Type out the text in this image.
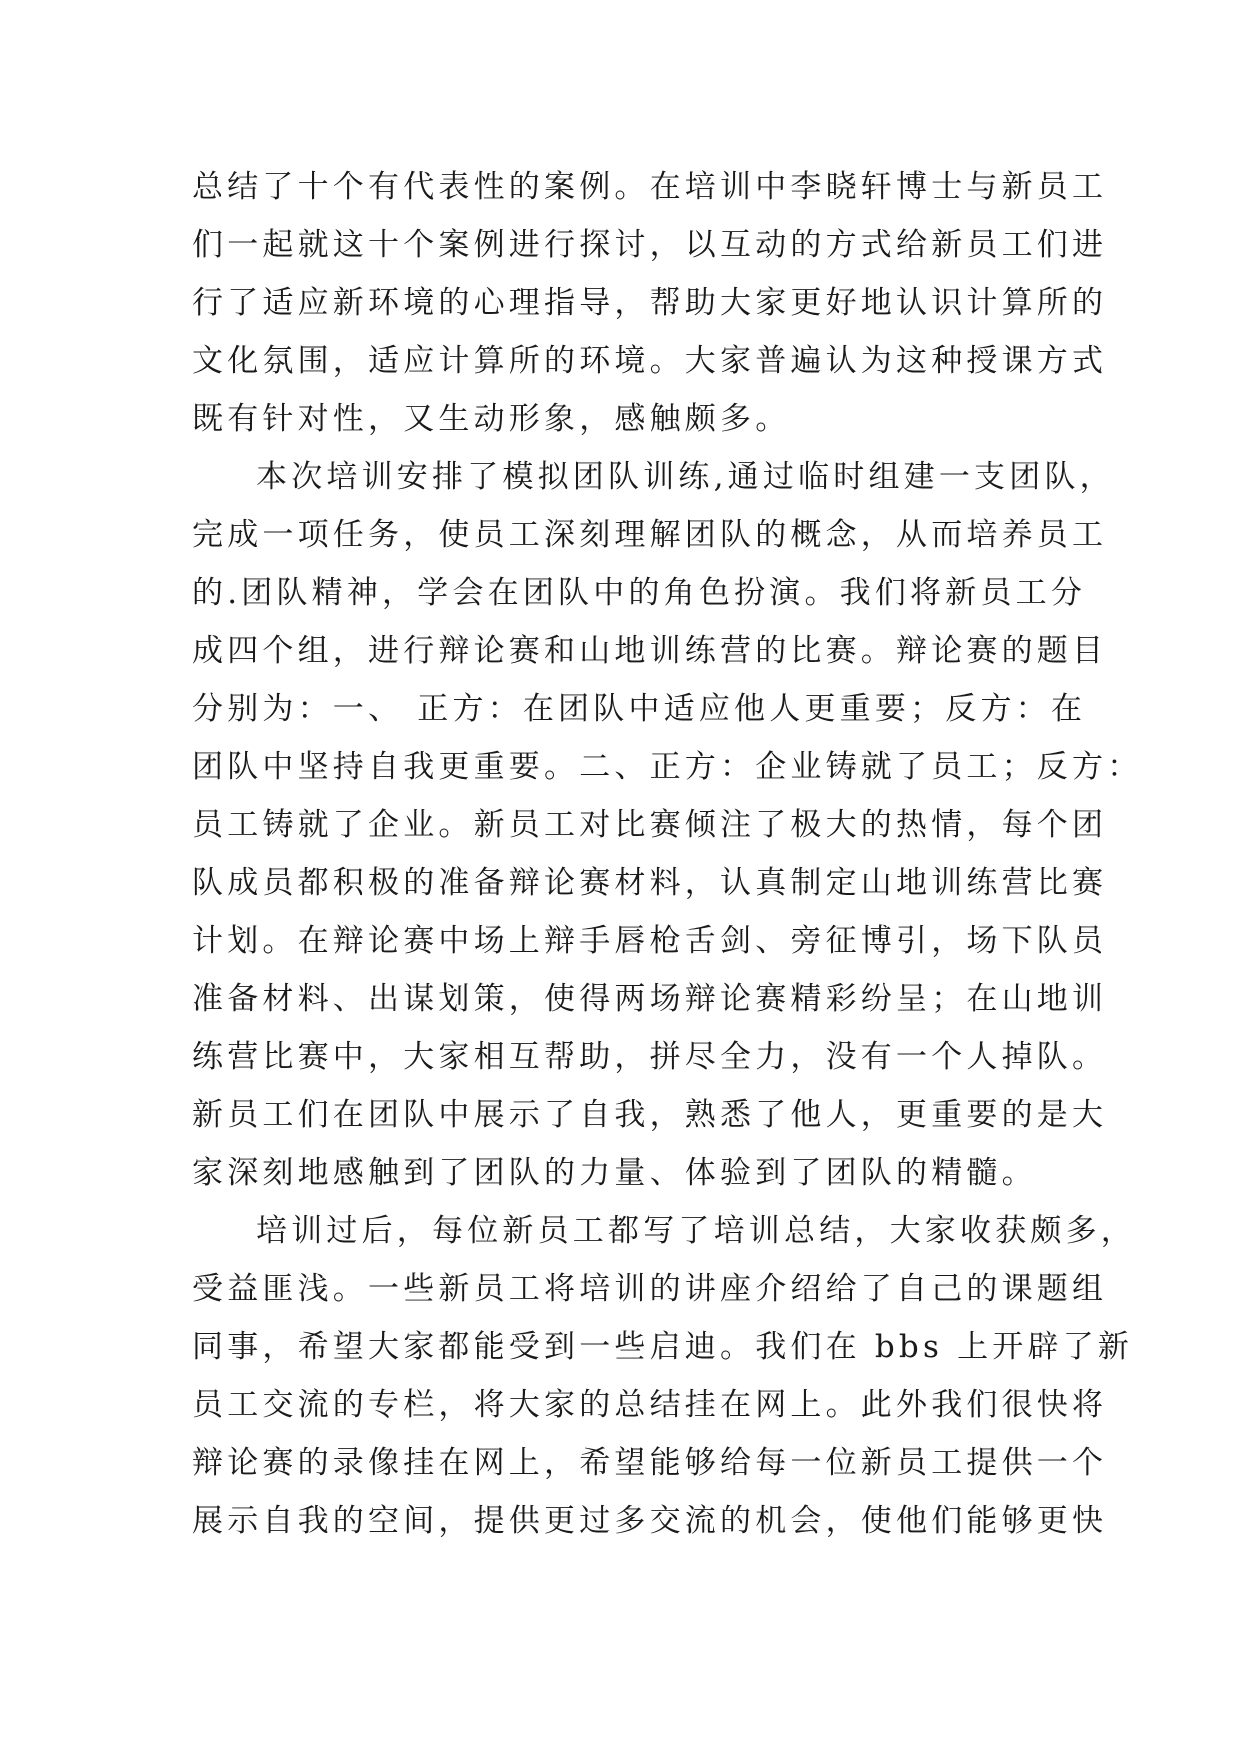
总结了十个有代表性的案例。在培训中李晓轩博士与新员工
们一起就这十个案例进行探讨，以互动的方式给新员工们进
行了适应新环境的心理指导，帮助大家更好地认识计算所的
文化氛围，适应计算所的环境。大家普遍认为这种授课方式
既有针对性，又生动形象，感触颇多。
本次培训安排了模拟团队训练,通过临时组建一支团队，
完成一项任务，使员工深刻理解团队的概念，从而培养员工
的.团队精神，学会在团队中的角色扮演。我们将新员工分
成四个组，进行辩论赛和山地训练营的比赛。辩论赛的题目
分别为：一、 正方：在团队中适应他人更重要；反方：在
团队中坚持自我更重要。二、正方：企业铸就了员工；反方：
员工铸就了企业。新员工对比赛倾注了极大的热情，每个团
队成员都积极的准备辩论赛材料，认真制定山地训练营比赛
计划。在辩论赛中场上辩手唇枪舌剑、旁征博引，场下队员
准备材料、出谋划策，使得两场辩论赛精彩纷呈；在山地训
练营比赛中，大家相互帮助，拼尽全力，没有一个人掉队。
新员工们在团队中展示了自我，熟悉了他人，更重要的是大
家深刻地感触到了团队的力量、体验到了团队的精髓。
培训过后，每位新员工都写了培训总结，大家收获颇多，
受益匪浅。一些新员工将培训的讲座介绍给了自己的课题组
同事，希望大家都能受到一些启迪。我们在 bbs 上开辟了新
员工交流的专栏，将大家的总结挂在网上。此外我们很快将
辩论赛的录像挂在网上，希望能够给每一位新员工提供一个
展示自我的空间，提供更过多交流的机会，使他们能够更快
